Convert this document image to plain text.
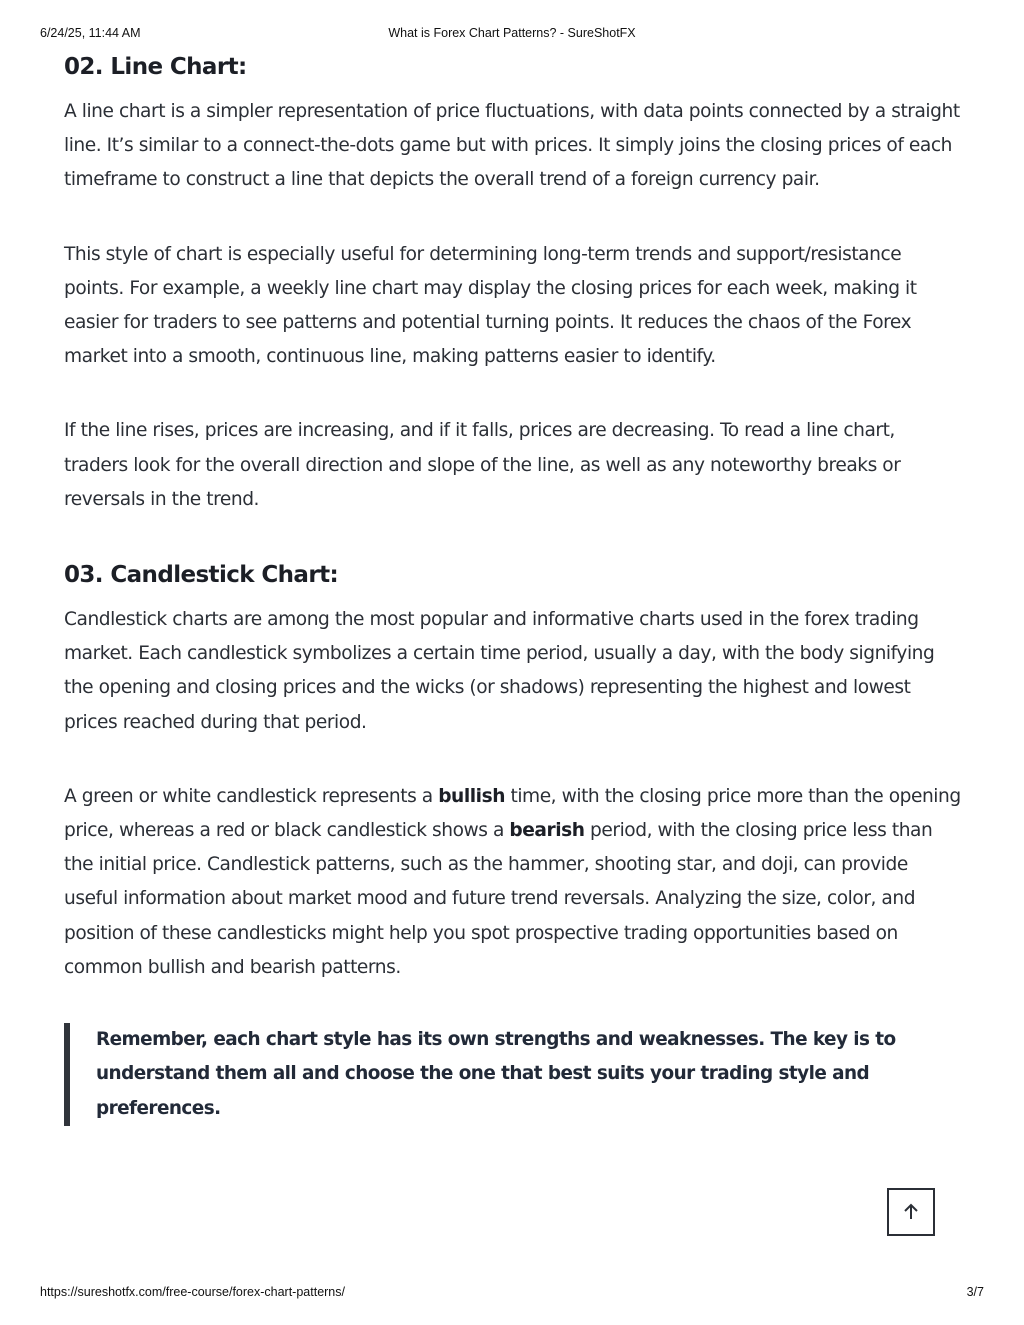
6/24/25, 11:44 AM	What is Forex Chart Patterns? - SureShotFX
02. Line Chart:

A line chart is a simpler representation of price fluctuations, with data points connected by a straight line. It’s similar to a connect-the-dots game but with prices. It simply joins the closing prices of each timeframe to construct a line that depicts the overall trend of a foreign currency pair.

This style of chart is especially useful for determining long-term trends and support/resistance points. For example, a weekly line chart may display the closing prices for each week, making it easier for traders to see patterns and potential turning points. It reduces the chaos of the Forex market into a smooth, continuous line, making patterns easier to identify.

If the line rises, prices are increasing, and if it falls, prices are decreasing. To read a line chart, traders look for the overall direction and slope of the line, as well as any noteworthy breaks or reversals in the trend.

03. Candlestick Chart:

Candlestick charts are among the most popular and informative charts used in the forex trading market. Each candlestick symbolizes a certain time period, usually a day, with the body signifying the opening and closing prices and the wicks (or shadows) representing the highest and lowest prices reached during that period.

A green or white candlestick represents a bullish time, with the closing price more than the opening price, whereas a red or black candlestick shows a bearish period, with the closing price less than the initial price. Candlestick patterns, such as the hammer, shooting star, and doji, can provide useful information about market mood and future trend reversals. Analyzing the size, color, and position of these candlesticks might help you spot prospective trading opportunities based on common bullish and bearish patterns.

Remember, each chart style has its own strengths and weaknesses. The key is to understand them all and choose the one that best suits your trading style and preferences.

https://sureshotfx.com/free-course/forex-chart-patterns/	3/7
